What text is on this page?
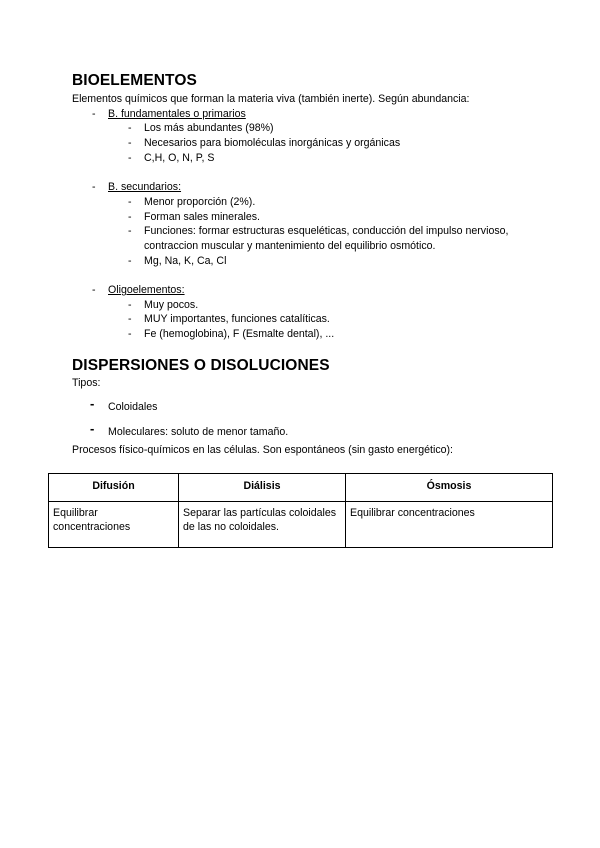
BIOELEMENTOS
Elementos químicos que forman la materia viva (también inerte). Según abundancia:
- B. fundamentales o primarios
- Los más abundantes (98%)
- Necesarios para biomoléculas inorgánicas y orgánicas
- C,H, O, N, P, S
- B. secundarios:
- Menor proporción (2%).
- Forman sales minerales.
- Funciones: formar estructuras esqueléticas, conducción del impulso nervioso,
contraccion muscular y mantenimiento del equilibrio osmótico.
- Mg, Na, K, Ca, Cl
- Oligoelementos:
- Muy pocos.
- MUY importantes, funciones catalíticas.
- Fe (hemoglobina), F (Esmalte dental), ...
DISPERSIONES O DISOLUCIONES
Tipos:
- Coloidales
- Moleculares: soluto de menor tamaño.
Procesos físico-químicos en las células. Son espontáneos (sin gasto energético):
Difusión	Diálisis	Ósmosis
Equilibrar concentraciones	Separar las partículas coloidales de las no coloidales.	Equilibrar concentraciones
